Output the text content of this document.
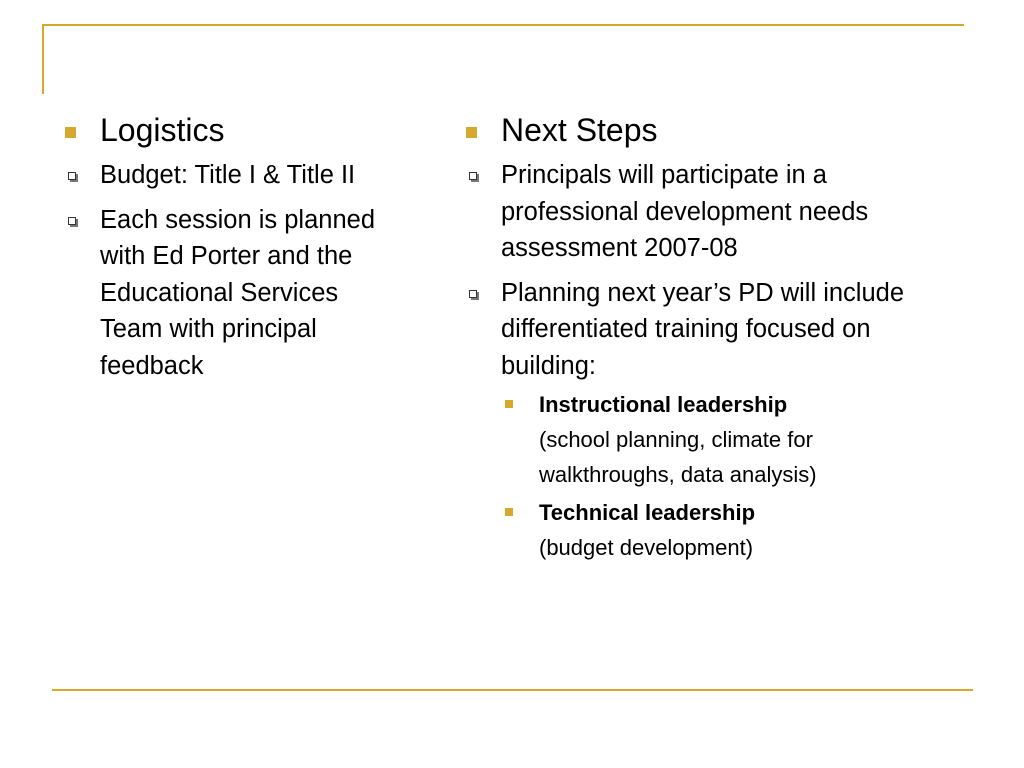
Logistics
Budget: Title I & Title II
Each session is planned with Ed Porter and the Educational Services Team with principal feedback
Next Steps
Principals will participate in a professional development needs assessment 2007-08
Planning next year’s PD will include differentiated training focused on building:
Instructional leadership
(school planning, climate for walkthroughs, data analysis)
Technical leadership
(budget development)
